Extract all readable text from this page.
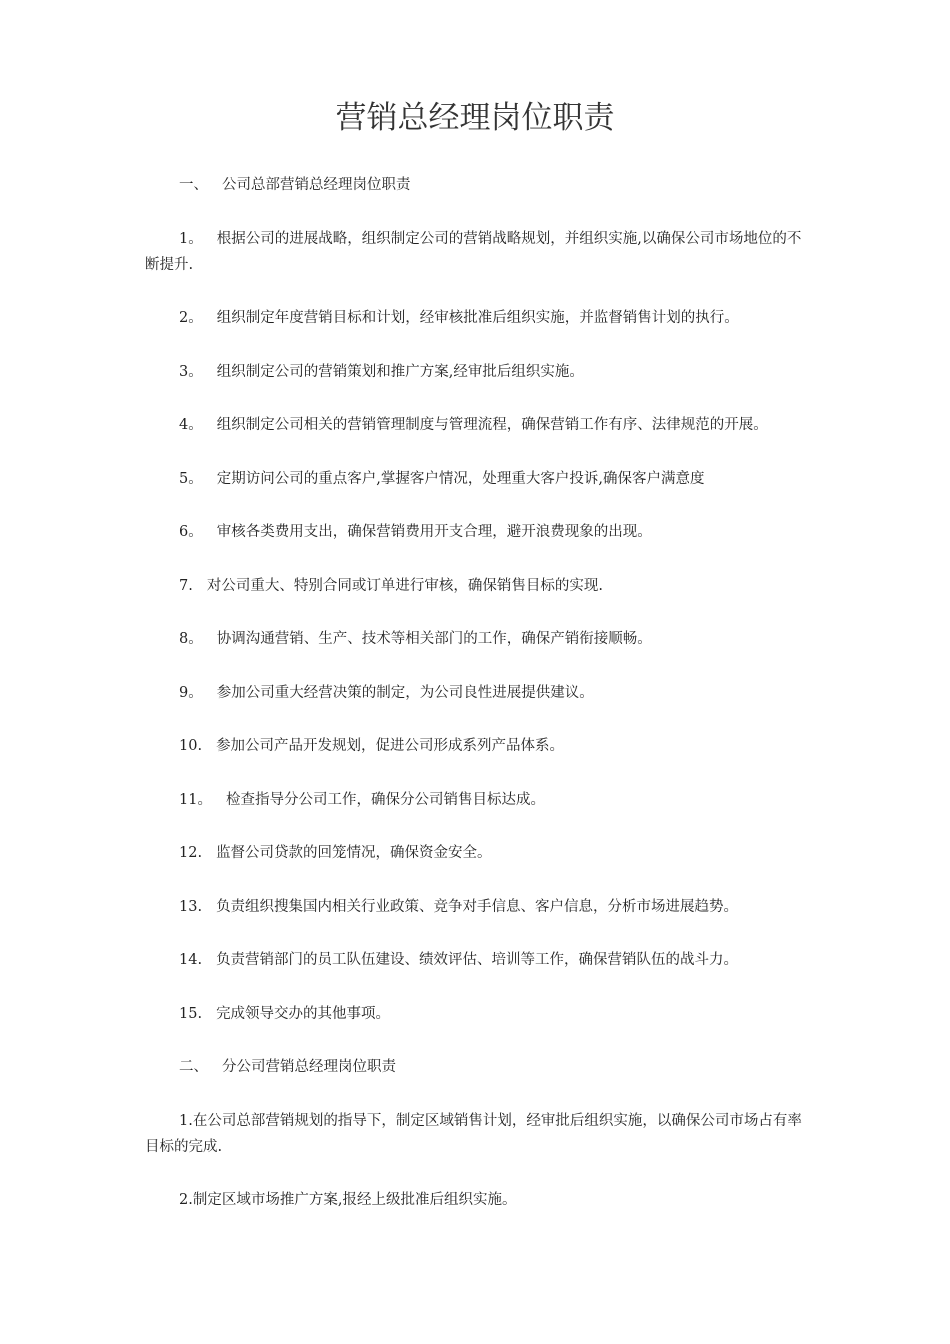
营销总经理岗位职责

一、 公司总部营销总经理岗位职责

1。 根据公司的进展战略，组织制定公司的营销战略规划，并组织实施,以确保公司市场地位的不断提升.

2。 组织制定年度营销目标和计划，经审核批准后组织实施，并监督销售计划的执行。

3。 组织制定公司的营销策划和推广方案,经审批后组织实施。

4。 组织制定公司相关的营销管理制度与管理流程，确保营销工作有序、法律规范的开展。

5。 定期访问公司的重点客户,掌握客户情况，处理重大客户投诉,确保客户满意度

6。 审核各类费用支出，确保营销费用开支合理，避开浪费现象的出现。

7. 对公司重大、特别合同或订单进行审核，确保销售目标的实现.

8。 协调沟通营销、生产、技术等相关部门的工作，确保产销衔接顺畅。

9。 参加公司重大经营决策的制定，为公司良性进展提供建议。

10. 参加公司产品开发规划，促进公司形成系列产品体系。

11。 检查指导分公司工作，确保分公司销售目标达成。

12. 监督公司贷款的回笼情况，确保资金安全。

13. 负责组织搜集国内相关行业政策、竞争对手信息、客户信息，分析市场进展趋势。

14. 负责营销部门的员工队伍建设、绩效评估、培训等工作，确保营销队伍的战斗力。

15. 完成领导交办的其他事项。

二、 分公司营销总经理岗位职责

1.在公司总部营销规划的指导下，制定区域销售计划，经审批后组织实施，以确保公司市场占有率目标的完成.

2.制定区域市场推广方案,报经上级批准后组织实施。
